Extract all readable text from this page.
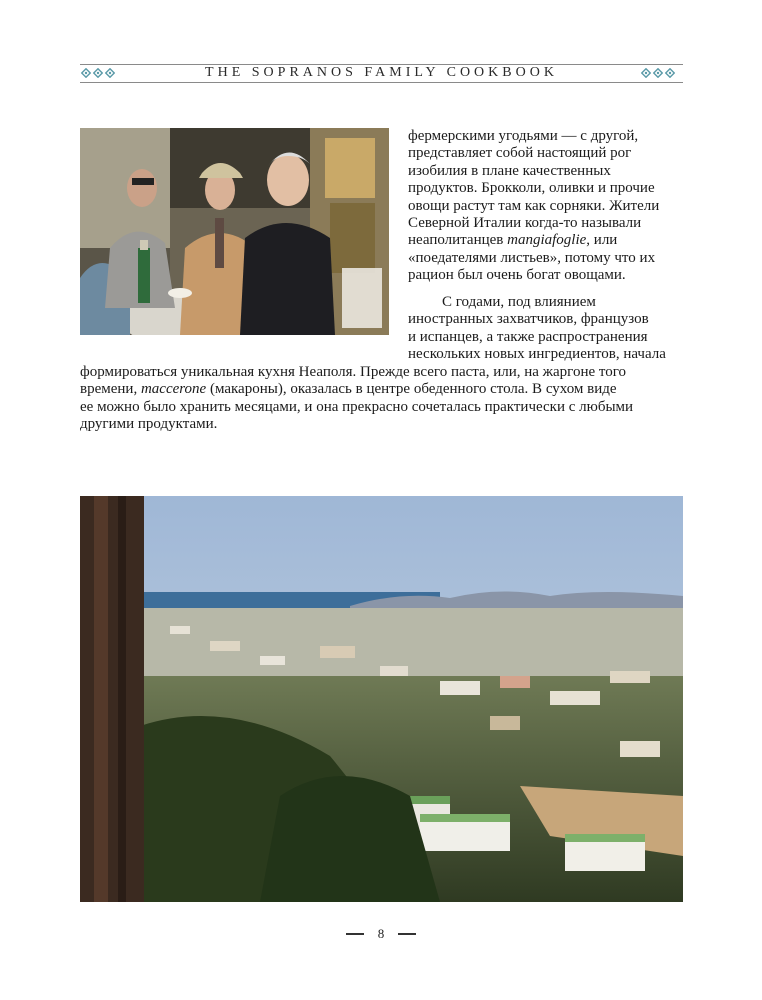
THE SOPRANOS FAMILY COOKBOOK
фермерскими угодьями — с другой,
представляет собой настоящий рог
изобилия в плане качественных
продуктов. Брокколи, оливки и прочие
овощи растут там как сорняки. Жители
Северной Италии когда-то называли
неаполитанцев mangiafoglie, или
«поедателями листьев», потому что их
рацион был очень богат овощами.
С годами, под влиянием
иностранных захватчиков, французов
и испанцев, а также распространения
нескольких новых ингредиентов, начала
формироваться уникальная кухня Неаполя. Прежде всего паста, или, на жаргоне того
времени, maccerone (макароны), оказалась в центре обеденного стола. В сухом виде
ее можно было хранить месяцами, и она прекрасно сочеталась практически с любыми
другими продуктами.
8
